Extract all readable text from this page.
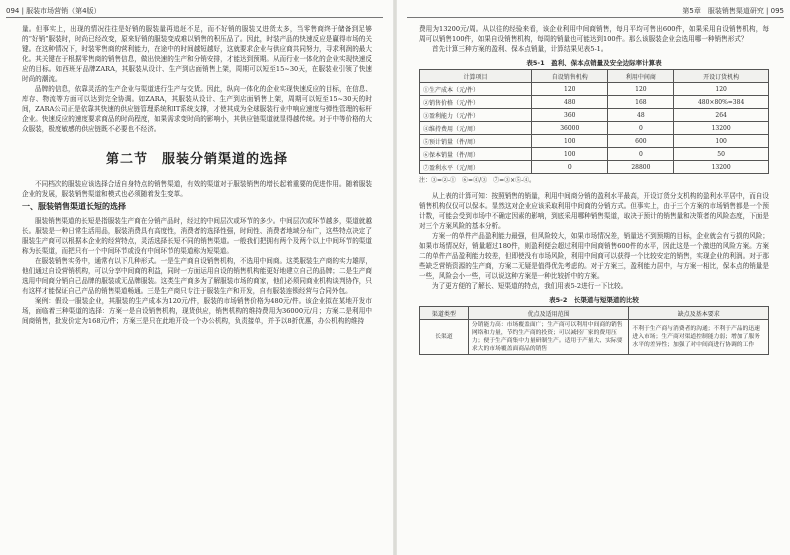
094 | 服装市场营销（第4版）

量。但事实上，出现的情况往往是好销的服装量再追赶不足，而不好销的服装又进货太多，当零售商终于储备到足够的“好销”服装时，时尚已经改变，原来好销的服装变成难以销售的积压品了。因此，时装产品的快速反应是赢得市场的关键。在这种情况下，时装零售商的营利能力，在途中的时间越短越好，这就要求企业与供应商共同努力，寻求利润的最大化。其关键在于根据零售商的销售信息，做出快速的生产和分销安排，才能达到预期。从而行业一体化的企业实现快速反应的目标。如西班牙品牌ZARA，其服装从设计、生产到店面销售上架，周期可以短至15~30天，在服装业引领了快速时尚的潮流。

品牌的信息，依靠灵活的生产企业与渠道进行生产与交货。因此，纵向一体化的企业实现快速反应的目标，在信息、库存、物流等方面可以达到完全协调。如ZARA，其服装从设计、生产到店面销售上架，周期可以短至15~30天的时间，ZARA公司正是依靠其快速的供应链管理系统和IT系统支撑，才使其成为全球服装行业中响应速度与弹性管理的标杆企业。快速反应的速度要求商品的时尚程度，如果需求变时尚的影响小，其供应链渠道就显得越传统。对于中等价格的大众服装，极度敏感的供应链既不必要也不经济。

第二节　服装分销渠道的选择

不同档次的服装应该选择合适自身特点的销售渠道，有效的渠道对于服装销售的增长起着重要的促进作用。随着服装企业的发展，服装销售渠道和模式也必须随着发生变革。

一、服装销售渠道长短的选择

服装销售渠道的长短是指服装生产商在分销产品时，经过的中间层次或环节的多少。中间层次或环节越多，渠道就越长。服装是一种日常生活用品，服装消费具有高度性，消费者的选择性强，时间性、消费者地域分布广，这些特点决定了服装生产商可以根据本企业的经营特点，灵活选择长短不同的销售渠道。一般我们把拥有两个及两个以上中间环节的渠道称为长渠道，而把只有一个中间环节或没有中间环节的渠道称为短渠道。

在服装销售实务中，通常有以下几种形式。一是生产商自设销售机构，不选用中间商。这类服装生产商的实力雄厚，他们通过自设营销机构，可以分享中间商的利益，同时一方面运用自设的销售机构能更好地建立自己的品牌；二是生产商选用中间商分销自己品牌的服装或无品牌服装。这类生产商多为了解服装市场的商家，他们必须同商业机构谈判协作，只有这样才能保证自己产品的销售渠道畅通。三是生产商只专注于服装生产和开发，自有服装连锁经营与合同外包。

案例：假设一服装企业，其服装的生产成本为120元/件，服装的市场销售价格为480元/件。该企业拟在某地开发市场，面临着三种渠道的选择：方案一是自设销售机构，现货供应，销售机构的维持费用为36000元/月；方案二是利用中间商销售，批发价定为168元/件；方案三是只在此地开设一个办公机构，负责接单，并予以8折优惠，办公机构的维持

第5章　服装销售渠道研究 | 095

费用为13200元/周。从以往的经验来看，该企业利用中间商销售，每月平均可售出600件，如果采用自设销售机构，每周可以销售100件，如果自设销售机构，每周的销量也可能达到100件。那么该服装企业会选用哪一种销售形式？

首先计算三种方案的盈利、保本点销量，计算结果见表5-1。

表5-1　盈利、保本点销量及安全边际率计算表
计算项目	自设销售机构	利用中间商	开设订货机构
①生产成本（元/件）	120	120	120
②销售价格（元/件）	480	168	480×80%=384
③盈利能力（元/件）	360	48	264
④维持费用（元/周）	36000	0	13200
⑤预计销量（件/周）	100	600	100
⑥保本销量（件/周）	100	0	50
⑦盈利水平（元/周）	0	28800	13200
注：③=②-①　⑥=④/③　⑦=③×⑤-④。

从上表的计算可知：按照销售的销量，利用中间商分销的盈利水平最高，开设订货分支机构的盈利水平居中，而自设销售机构仅仅可以保本。显然这对企业应该采取利用中间商的分销方式。但事实上，由于三个方案的市场销售都是一个预计数，可能会受到市场中不确定因素的影响，到底采用哪种销售渠道，取决于预计的销售量和决策者的风险态度，下面是对三个方案风险的基本分析。

方案一的单件产品盈利能力最强，但风险较大，如果市场情况差，销量达不到预期的目标，企业就会有亏损的风险；如果市场情况好，销量超过180件，则盈利便会超过利用中间商销售600件的水平，因此这是一个激进的风险方案。方案二的单件产品盈利能力较差，但即使没有市场风险，利用中间商可以获得一个比较安定的销售，实现企业的利润。对于那些缺乏营销资源的生产商，方案二无疑是值得优先考虑的。对于方案三，盈利能力居中，与方案一相比，保本点的销量是一些，风险会小一些，可以说这种方案是一种比较折中的方案。

为了更方便的了解长、短渠道的特点，我们用表5-2进行一下比较。

表5-2　长渠道与短渠道的比较
渠道类型	优点及适用范围	缺点及基本要求
长渠道	分销能力高：市场覆盖面广；生产商可以利用中间商的销售网络和力量，节约生产商的投资；可以减轻厂家的费用压力；便于生产商集中力量研制生产。适用于产量大、实际要求大的市场覆盖面商品的销售	不利于生产商与消费者的沟通；不利于产品的迅速进入市场；生产商对渠道控制能力弱；增加了服务水平的差异性；加强了对中间商进行协调的工作
